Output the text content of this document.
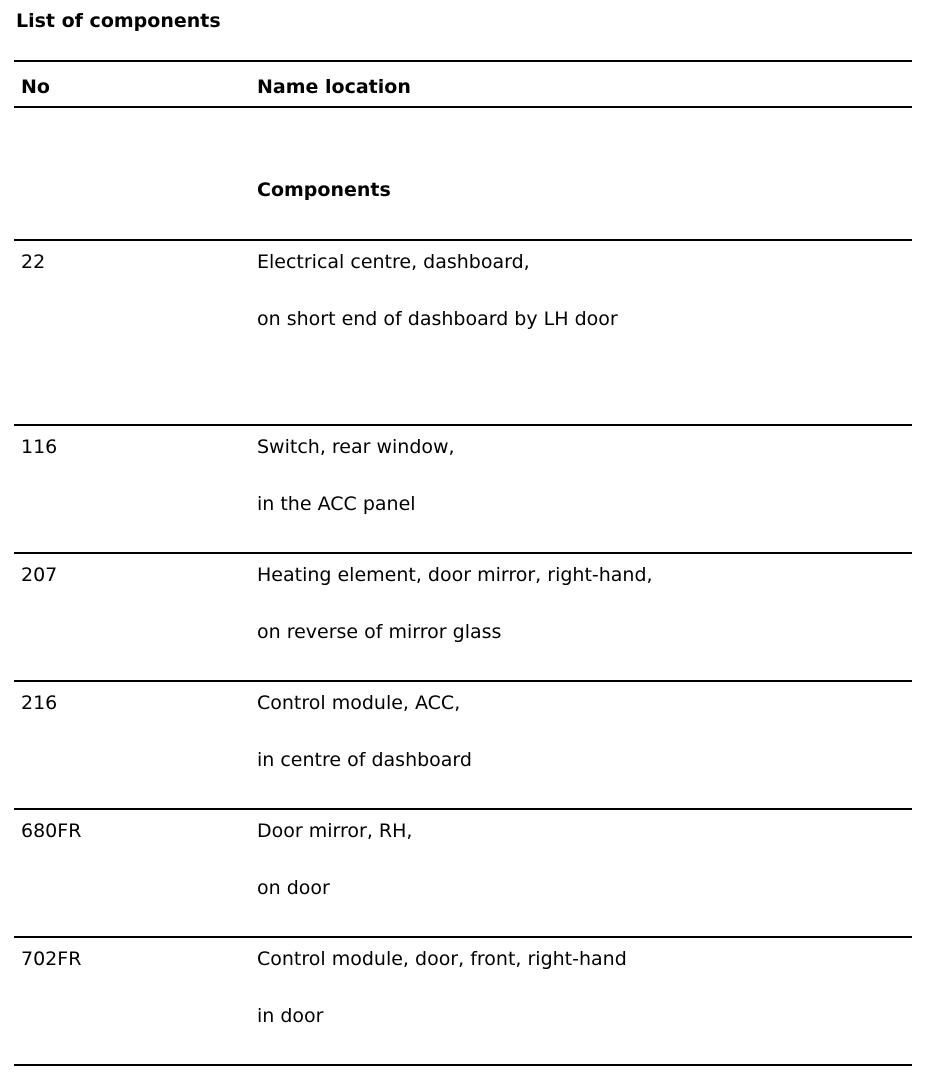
List of components
No	Name location
Components
22	Electrical centre, dashboard,
on short end of dashboard by LH door
116	Switch, rear window,
in the ACC panel
207	Heating element, door mirror, right-hand,
on reverse of mirror glass
216	Control module, ACC,
in centre of dashboard
680FR	Door mirror, RH,
on door
702FR	Control module, door, front, right-hand
in door
